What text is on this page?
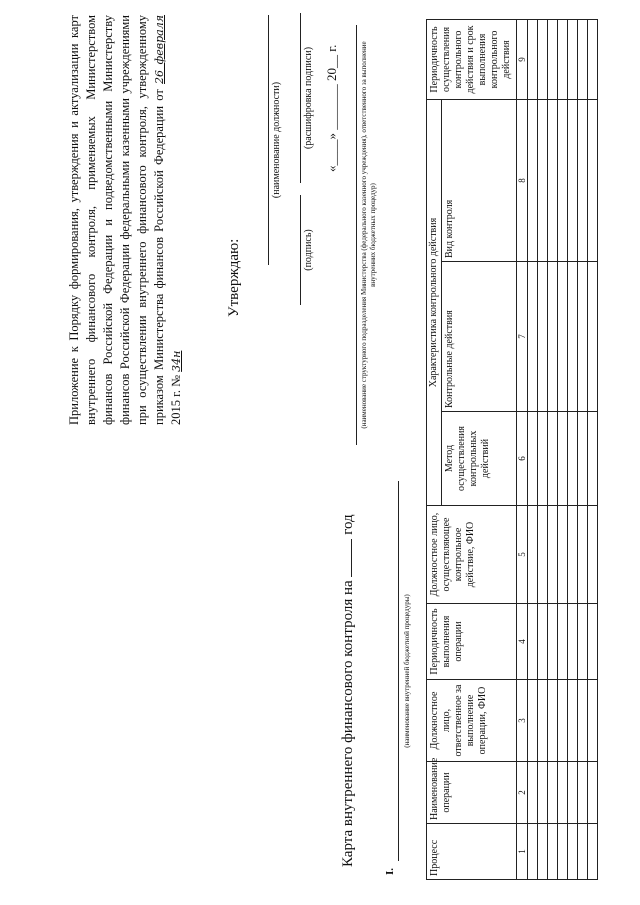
Приложение к Порядку формирования, утверждения и актуализации карт внутреннего финансового контроля, применяемых Министерством финансов Российской Федерации и подведомственными Министерству финансов Российской Федерации федеральными казенными учреждениями при осуществлении внутреннего финансового контроля, утвержденному приказом Министерства финансов Российской Федерации от 26 февраля 2015 г. № 34н
Утверждаю:
(наименование должности)
(подпись)
(расшифровка подписи) «____» _______ 20__ г.
Карта внутреннего финансового контроля на  год
(наименование структурного подразделения Министерства (федерального казенного учреждения), ответственного за выполнение внутренних бюджетных процедур)
I.
(наименование внутренней бюджетной процедуры)
Процесс	Наименование операции	Должностное лицо, ответственное за выполнение операции, ФИО	Периодичность выполнения операции	Должностное лицо, осуществляющее контрольное действие, ФИО	Характеристика контрольного действия			Периодичность осуществления контрольного действия и срок выполнения контрольного действия
					Метод осуществления контрольных действий	Контрольные действия	Вид контроля	
1	2	3	4	5	6	7	8	9
